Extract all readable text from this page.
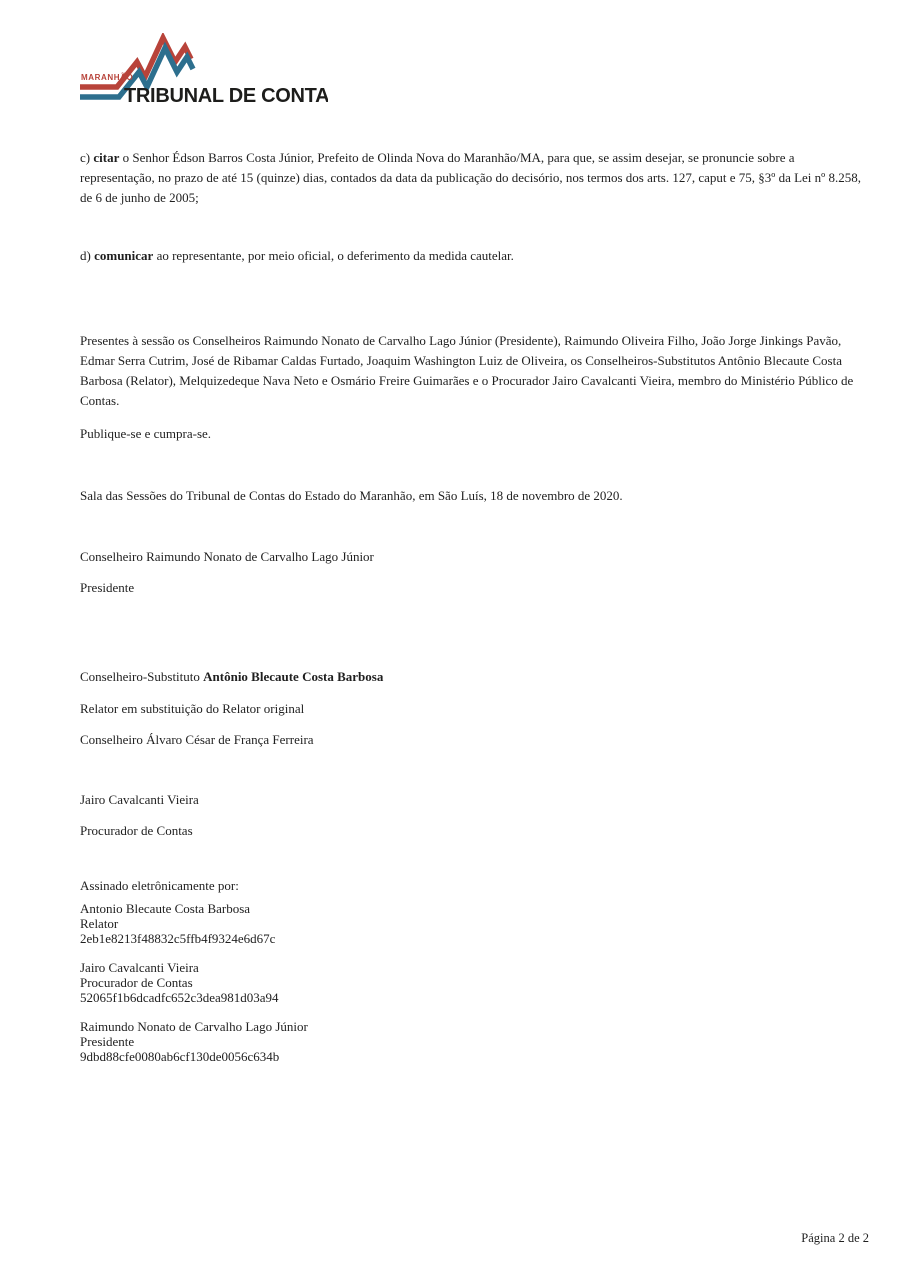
MARANHÃO
TRIBUNAL DE CONTAS

c) citar o Senhor Édson Barros Costa Júnior, Prefeito de Olinda Nova do Maranhão/MA, para que, se assim desejar, se pronuncie sobre a representação, no prazo de até 15 (quinze) dias, contados da data da publicação do decisório, nos termos dos arts. 127, caput e 75, §3º da Lei nº 8.258, de 6 de junho de 2005;

d) comunicar ao representante, por meio oficial, o deferimento da medida cautelar.

Presentes à sessão os Conselheiros Raimundo Nonato de Carvalho Lago Júnior (Presidente), Raimundo Oliveira Filho, João Jorge Jinkings Pavão, Edmar Serra Cutrim, José de Ribamar Caldas Furtado, Joaquim Washington Luiz de Oliveira, os Conselheiros-Substitutos Antônio Blecaute Costa Barbosa (Relator), Melquizedeque Nava Neto e Osmário Freire Guimarães e o Procurador Jairo Cavalcanti Vieira, membro do Ministério Público de Contas.

Publique-se e cumpra-se.

Sala das Sessões do Tribunal de Contas do Estado do Maranhão, em São Luís, 18 de novembro de 2020.

Conselheiro Raimundo Nonato de Carvalho Lago Júnior

Presidente

Conselheiro-Substituto Antônio Blecaute Costa Barbosa

Relator em substituição do Relator original

Conselheiro Álvaro César de França Ferreira

Jairo Cavalcanti Vieira

Procurador de Contas

Assinado eletrônicamente por:

Antonio Blecaute Costa Barbosa
Relator
2eb1e8213f48832c5ffb4f9324e6d67c
Jairo Cavalcanti Vieira
Procurador de Contas
52065f1b6dcadfc652c3dea981d03a94
Raimundo Nonato de Carvalho Lago Júnior
Presidente
9dbd88cfe0080ab6cf130de0056c634b
Página 2 de 2
